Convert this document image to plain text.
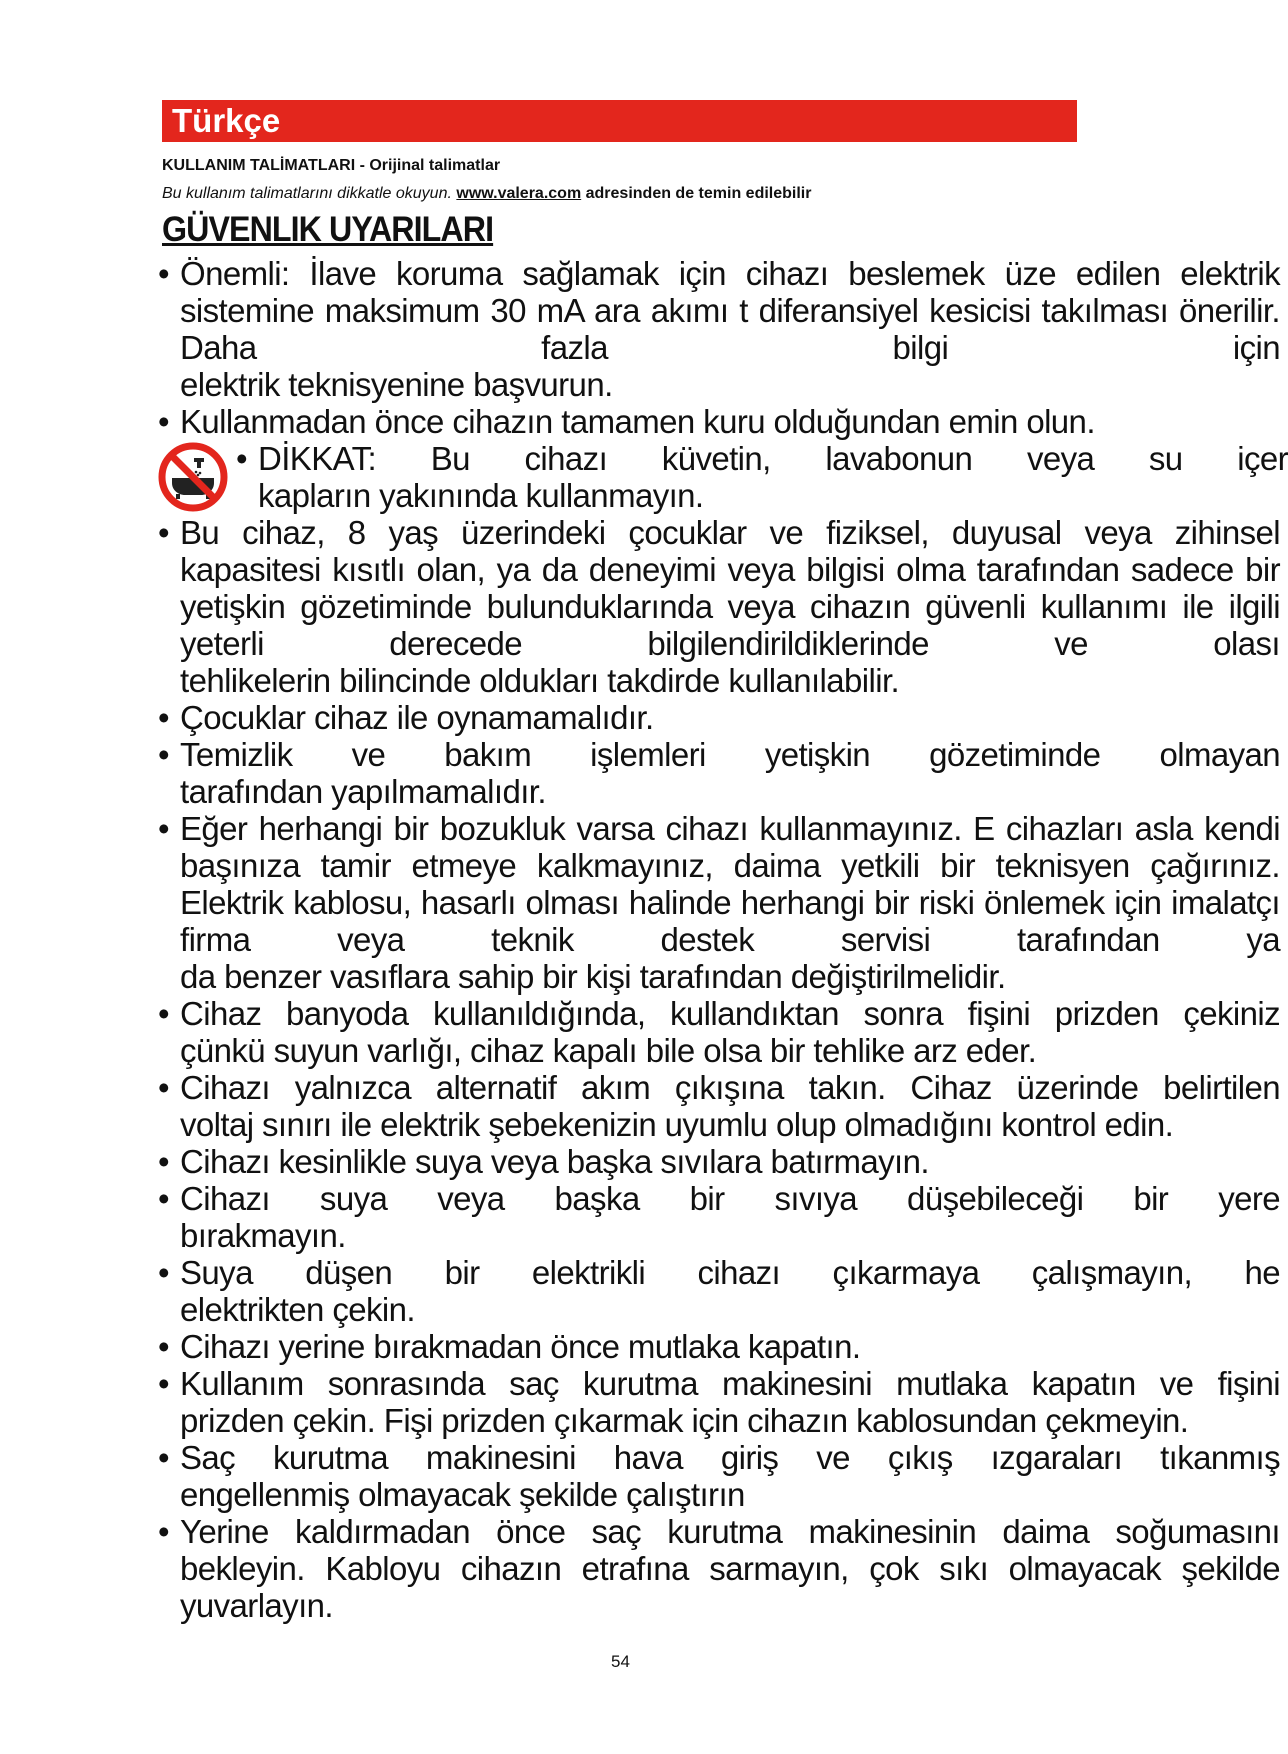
Türkçe
KULLANIM TALİMATLARI - Orijinal talimatlar
Bu kullanım talimatlarını dikkatle okuyun. www.valera.com adresinden de temin edilebilir
GÜVENLIK UYARILARI
• Önemli: İlave koruma sağlamak için cihazı beslemek üze edilen elektrik sistemine maksimum 30 mA ara akımı t diferansiyel kesicisi takılması önerilir. Daha fazla bilgi için
elektrik teknisyenine başvurun.
• Kullanmadan önce cihazın tamamen kuru olduğundan emin olun.
• DİKKAT: Bu cihazı küvetin, lavabonun veya su içer
kapların yakınında kullanmayın.
• Bu cihaz, 8 yaş üzerindeki çocuklar ve fiziksel, duyusal veya zihinsel kapasitesi kısıtlı olan, ya da deneyimi veya bilgisi olma tarafından sadece bir yetişkin gözetiminde bulunduklarında veya cihazın güvenli kullanımı ile ilgili yeterli derecede bilgilendirildiklerinde ve olası
tehlikelerin bilincinde oldukları takdirde kullanılabilir.
• Çocuklar cihaz ile oynamamalıdır.
• Temizlik ve bakım işlemleri yetişkin gözetiminde olmayan
tarafından yapılmamalıdır.
• Eğer herhangi bir bozukluk varsa cihazı kullanmayınız. E cihazları asla kendi başınıza tamir etmeye kalkmayınız, daima yetkili bir teknisyen çağırınız. Elektrik kablosu, hasarlı olması halinde herhangi bir riski önlemek için imalatçı firma veya teknik destek servisi tarafından ya
da benzer vasıflara sahip bir kişi tarafından değiştirilmelidir.
• Cihaz banyoda kullanıldığında, kullandıktan sonra fişini prizden çekiniz
çünkü suyun varlığı, cihaz kapalı bile olsa bir tehlike arz eder.
• Cihazı yalnızca alternatif akım çıkışına takın. Cihaz üzerinde belirtilen
voltaj sınırı ile elektrik şebekenizin uyumlu olup olmadığını kontrol edin.
• Cihazı kesinlikle suya veya başka sıvılara batırmayın.
• Cihazı suya veya başka bir sıvıya düşebileceği bir yere
bırakmayın.
• Suya düşen bir elektrikli cihazı çıkarmaya çalışmayın, he
elektrikten çekin.
• Cihazı yerine bırakmadan önce mutlaka kapatın.
• Kullanım sonrasında saç kurutma makinesini mutlaka kapatın ve fişini
prizden çekin. Fişi prizden çıkarmak için cihazın kablosundan çekmeyin.
• Saç kurutma makinesini hava giriş ve çıkış ızgaraları tıkanmış
engellenmiş olmayacak şekilde çalıştırın
• Yerine kaldırmadan önce saç kurutma makinesinin daima soğumasını bekleyin. Kabloyu cihazın etrafına sarmayın, çok sıkı olmayacak şekilde
yuvarlayın.
54
